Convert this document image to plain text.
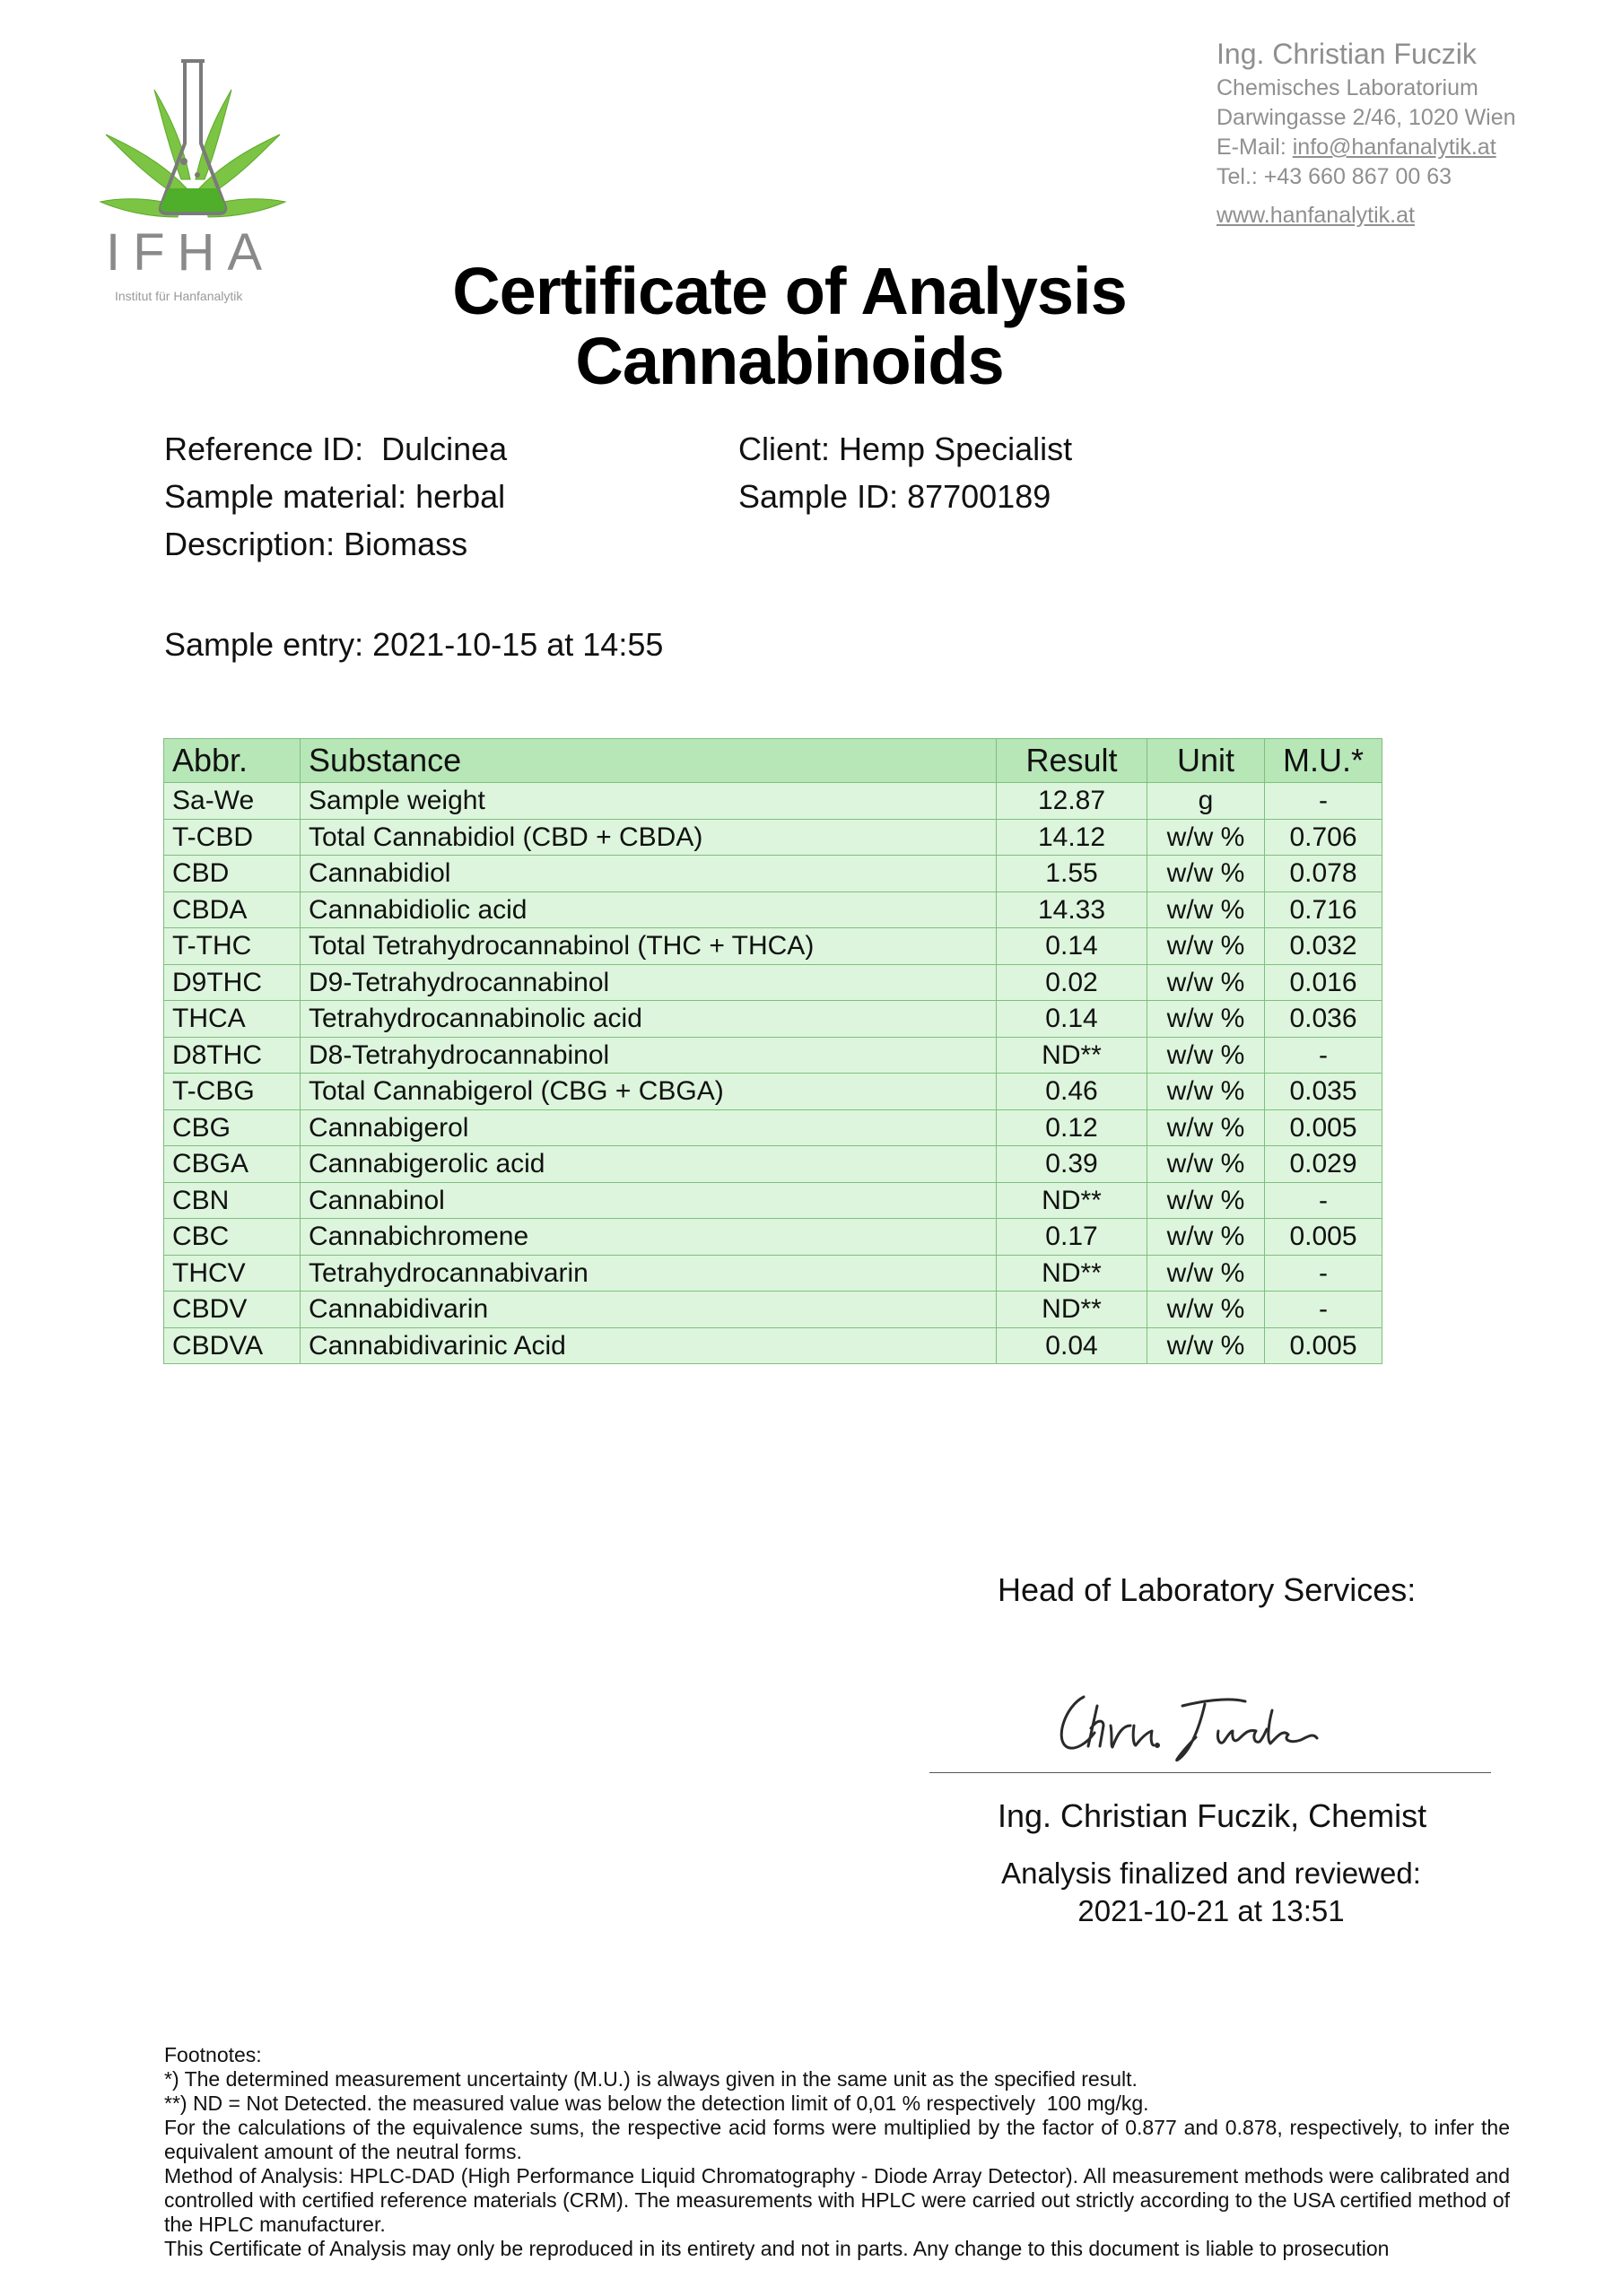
IFHA
Institut für Hanfanalytik
Ing. Christian Fuczik
Chemisches Laboratorium
Darwingasse 2/46, 1020 Wien
E-Mail: info@hanfanalytik.at
Tel.: +43 660 867 00 63
www.hanfanalytik.at
Certificate of Analysis
Cannabinoids
Reference ID:  Dulcinea
Sample material: herbal
Description: Biomass
Client: Hemp Specialist
Sample ID: 87700189
Sample entry: 2021-10-15 at 14:55
Abbr.	Substance	Result	Unit	M.U.*
Sa-We	Sample weight	12.87	g	-
T-CBD	Total Cannabidiol (CBD + CBDA)	14.12	w/w %	0.706
CBD	Cannabidiol	1.55	w/w %	0.078
CBDA	Cannabidiolic acid	14.33	w/w %	0.716
T-THC	Total Tetrahydrocannabinol (THC + THCA)	0.14	w/w %	0.032
D9THC	D9-Tetrahydrocannabinol	0.02	w/w %	0.016
THCA	Tetrahydrocannabinolic acid	0.14	w/w %	0.036
D8THC	D8-Tetrahydrocannabinol	ND**	w/w %	-
T-CBG	Total Cannabigerol (CBG + CBGA)	0.46	w/w %	0.035
CBG	Cannabigerol	0.12	w/w %	0.005
CBGA	Cannabigerolic acid	0.39	w/w %	0.029
CBN	Cannabinol	ND**	w/w %	-
CBC	Cannabichromene	0.17	w/w %	0.005
THCV	Tetrahydrocannabivarin	ND**	w/w %	-
CBDV	Cannabidivarin	ND**	w/w %	-
CBDVA	Cannabidivarinic Acid	0.04	w/w %	0.005
Head of Laboratory Services:
Ing. Christian Fuczik, Chemist
Analysis finalized and reviewed:
2021-10-21 at 13:51

Footnotes:

*) The determined measurement uncertainty (M.U.) is always given in the same unit as the specified result.

**) ND = Not Detected. the measured value was below the detection limit of 0,01 % respectively  100 mg/kg.

For the calculations of the equivalence sums, the respective acid forms were multiplied by the factor of 0.877 and 0.878, respectively, to infer the equivalent amount of the neutral forms.

Method of Analysis: HPLC-DAD (High Performance Liquid Chromatography - Diode Array Detector). All measurement methods were calibrated and controlled with certified reference materials (CRM). The measurements with HPLC were carried out strictly according to the USA certified method of the HPLC manufacturer.

This Certificate of Analysis may only be reproduced in its entirety and not in parts. Any change to this document is liable to prosecution
